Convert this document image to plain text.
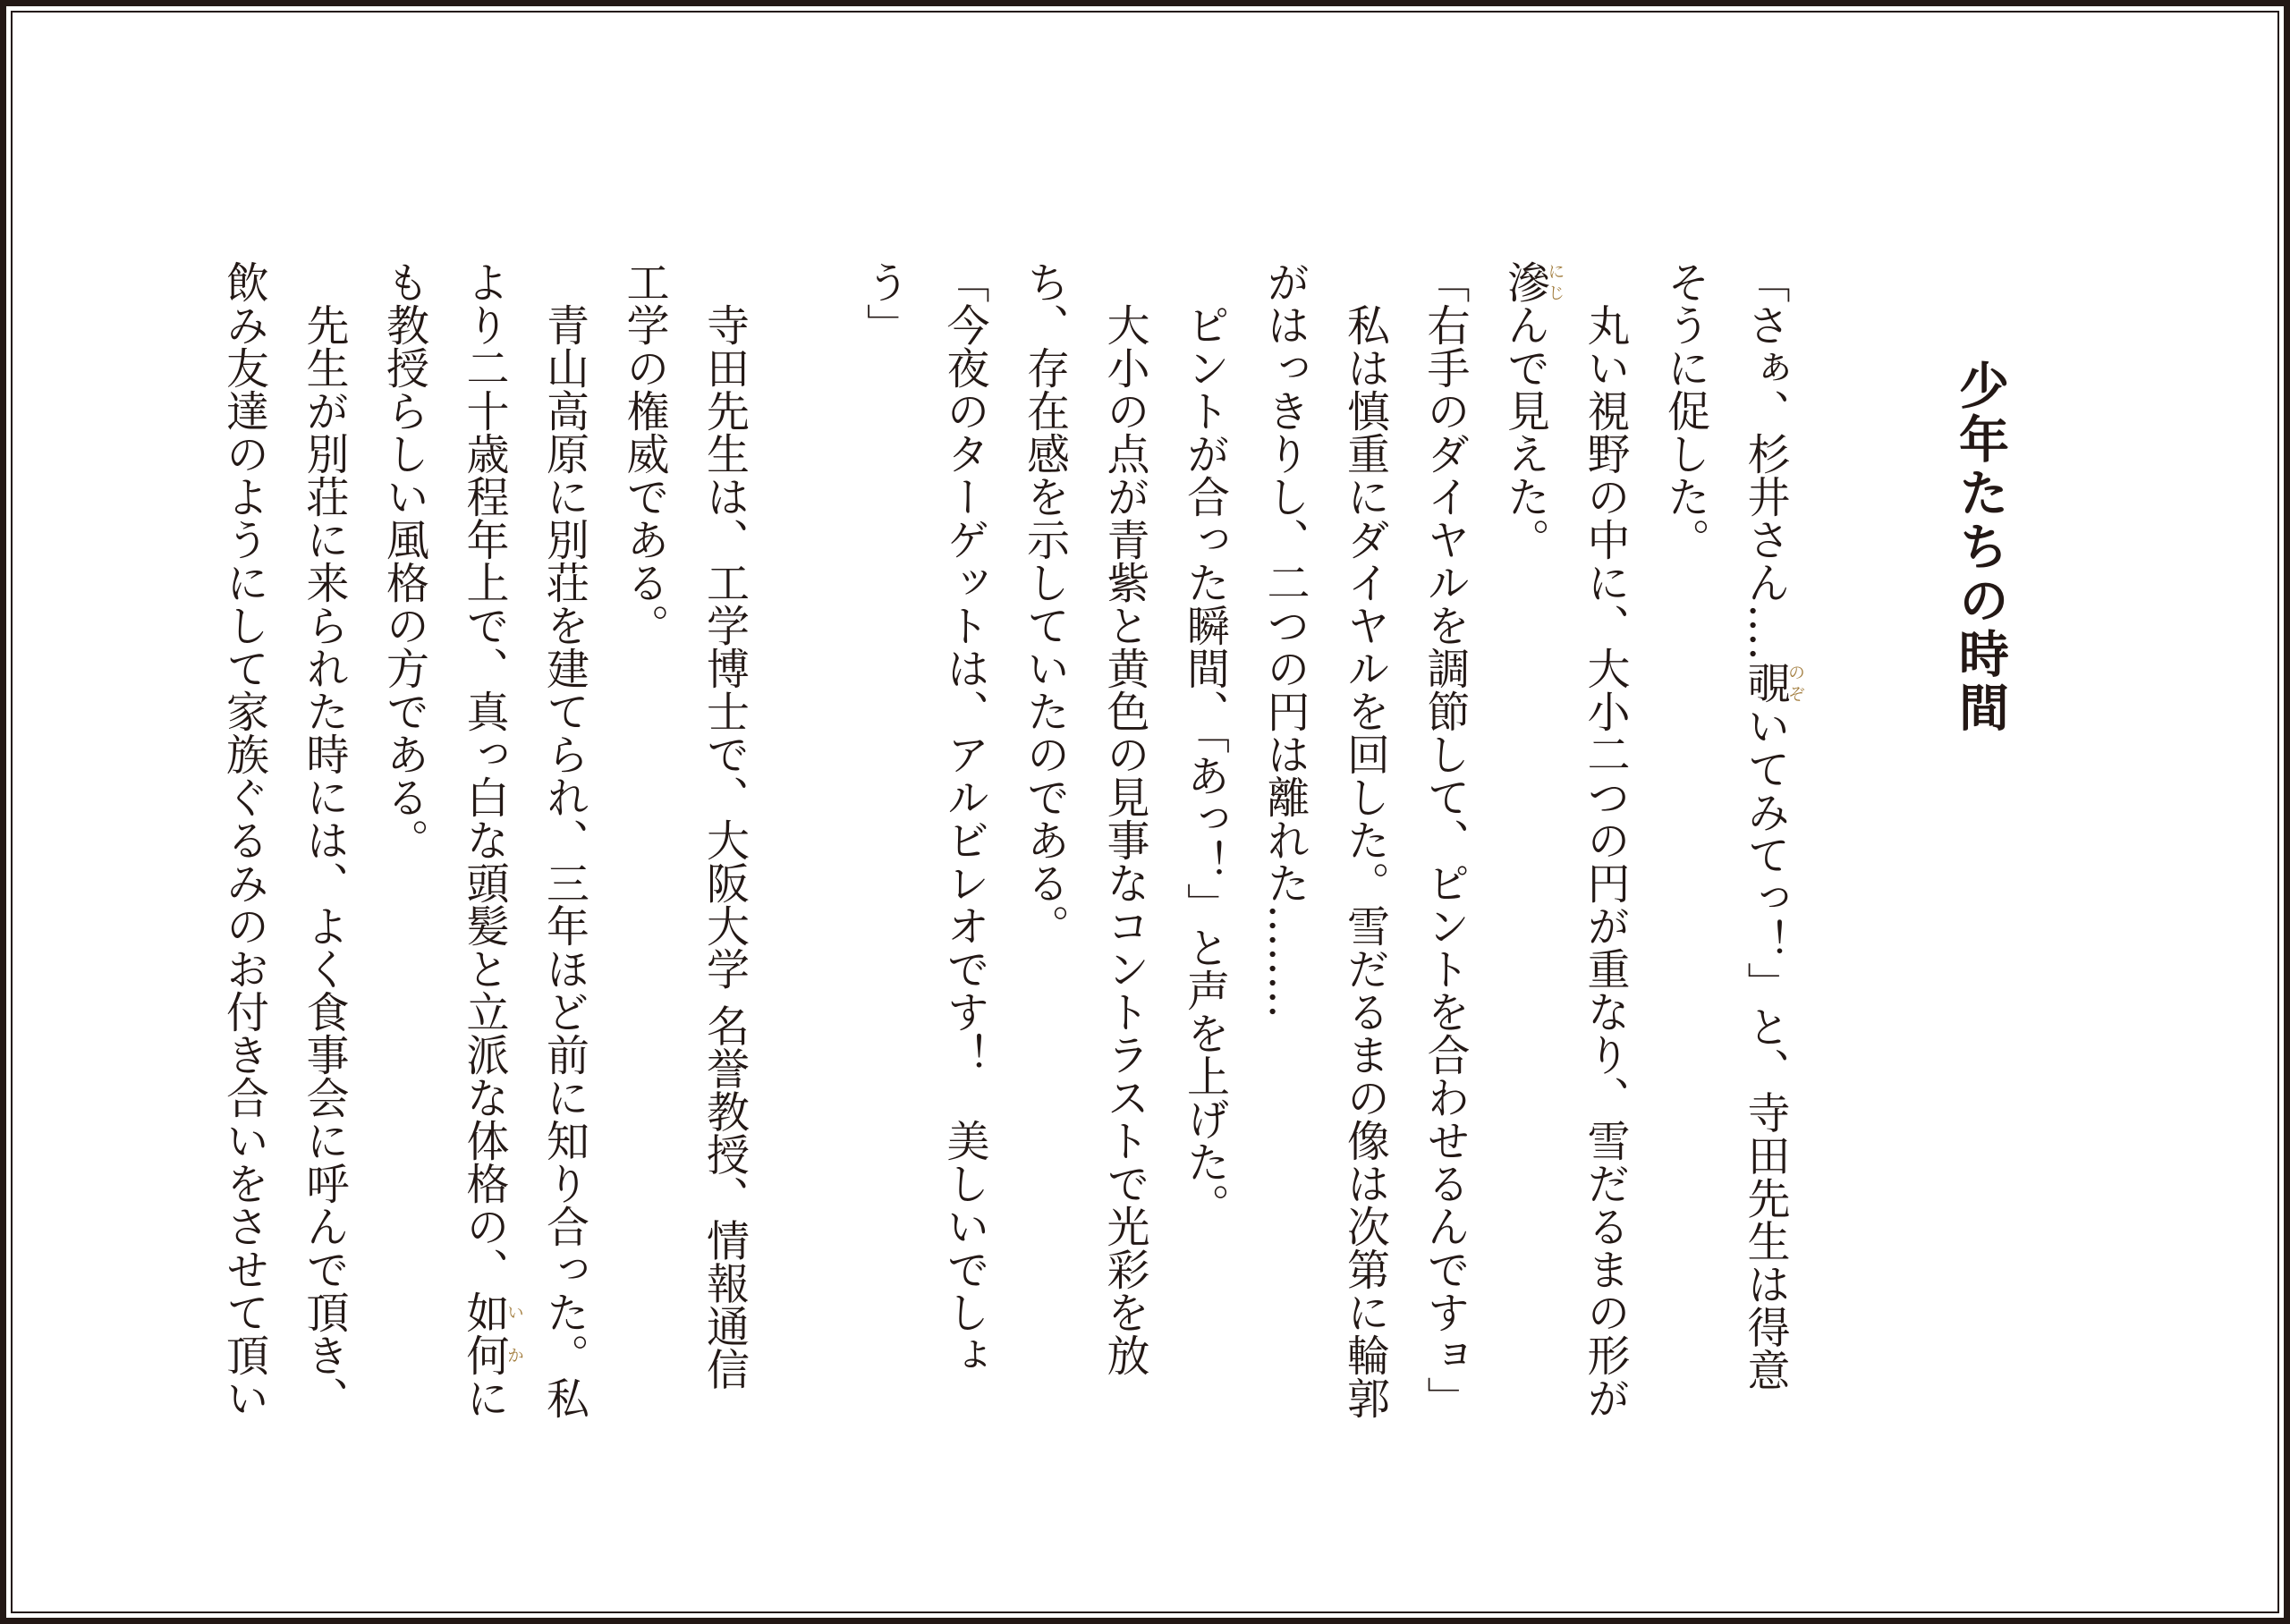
少年たちの時間

「さぁ、杉井さん‥‥覗のぞいてみてっ！」と、寺田先生は得意そうに促した。

丸い視野の中に、大小二つの円が重なり、雪だるまの形が滲にじんで見えた。

「右手のダイヤルを調節して、ピントを合わせるんですョ」

私は慎重にダイヤルを回した。雪だるまの像は次第に輪郭がはっきりし、二つの円は離れた‥‥‥‥

ピントが合った瞬間、「あっ！」と声を上げた。

大小の点が青紫と黄色の見事なコントラストで光彩を放ち、存在感を示していたのである。

「今夜のターゲットは、アルビレオです！　美しいでしょう」

寺田先生は、工学博士で、大阪大学 名誉教授、情報通信工学の権威である。

青山高原に別荘を建てられ、三年ほど前に知り合った。私より二十歳程年上で、真っ白な頭髪と立派な体格の、如何いかにも教授らしい風格の方である。

先生が別荘に来られた時には、よく食事会に呼んで頂き、飲み友達のようにして家族ぐるみのお付き合いをさせて頂い
